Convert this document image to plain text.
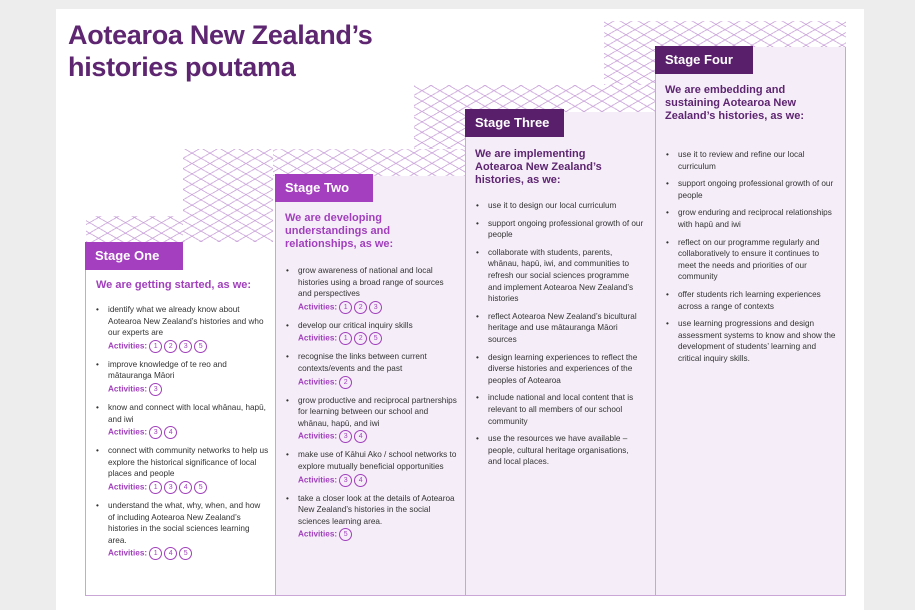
Aotearoa New Zealand’s
histories poutama
Stage One
Stage Two
Stage Three
Stage Four
We are getting started, as we:
We are developing understandings and relationships, as we:
We are implementing Aotearoa New Zealand’s histories, as we:
We are embedding and sustaining Aotearoa New Zealand’s histories, as we:
• identify what we already know about Aotearoa New Zealand’s histories and who our experts are
Activities: 1 2 3 5
• improve knowledge of te reo and mātauranga Māori
Activities: 3
• know and connect with local whānau, hapū, and iwi
Activities: 3 4
• connect with community networks to help us explore the historical significance of local places and people
Activities: 1 3 4 5
• understand the what, why, when, and how of including Aotearoa New Zealand’s histories in the social sciences learning area.
Activities: 1 4 5
• grow awareness of national and local histories using a broad range of sources and perspectives
Activities: 1 2 3
• develop our critical inquiry skills
Activities: 1 2 5
• recognise the links between current contexts/events and the past
Activities: 2
• grow productive and reciprocal partnerships for learning between our school and whānau, hapū, and iwi
Activities: 3 4
• make use of Kāhui Ako / school networks to explore mutually beneficial opportunities
Activities: 3 4
• take a closer look at the details of Aotearoa New Zealand’s histories in the social sciences learning area.
Activities: 5
• use it to design our local curriculum
• support ongoing professional growth of our people
• collaborate with students, parents, whānau, hapū, iwi, and communities to refresh our social sciences programme and implement Aotearoa New Zealand’s histories
• reflect Aotearoa New Zealand’s bicultural heritage and use mātauranga Māori sources
• design learning experiences to reflect the diverse histories and experiences of the peoples of Aotearoa
• include national and local content that is relevant to all members of our school community
• use the resources we have available – people, cultural heritage organisations, and local places.
• use it to review and refine our local curriculum
• support ongoing professional growth of our people
• grow enduring and reciprocal relationships with hapū and iwi
• reflect on our programme regularly and collaboratively to ensure it continues to meet the needs and priorities of our community
• offer students rich learning experiences across a range of contexts
• use learning progressions and design assessment systems to know and show the development of students’ learning and critical inquiry skills.
